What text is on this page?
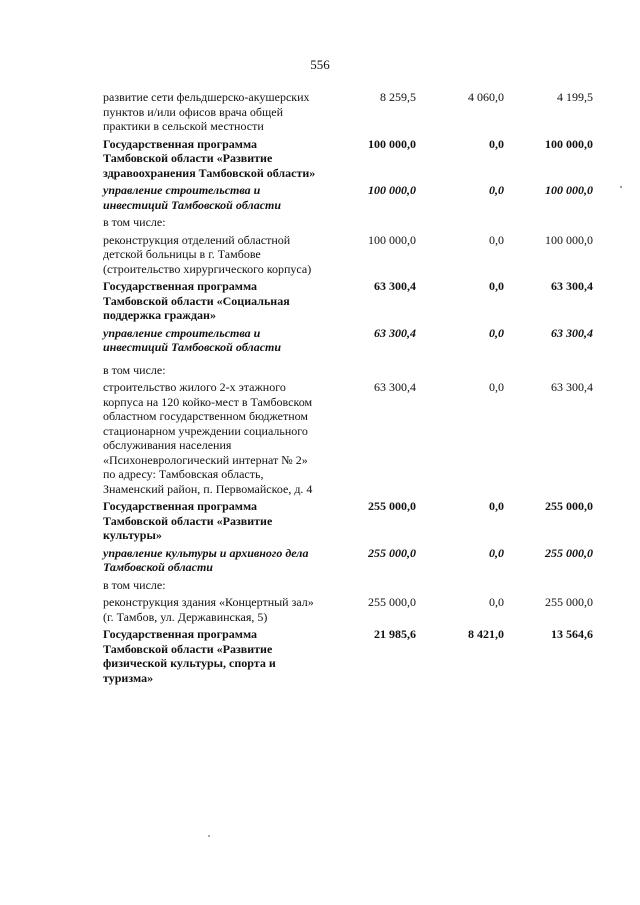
556
развитие сети фельдшерско-акушерских пунктов и/или офисов врача общей практики в сельской местности	8 259,5	4 060,0	4 199,5
Государственная программа Тамбовской области «Развитие здравоохранения Тамбовской области»	100 000,0	0,0	100 000,0
управление строительства и инвестиций Тамбовской области	100 000,0	0,0	100 000,0
в том числе:			
реконструкция отделений областной детской больницы в г. Тамбове (строительство хирургического корпуса)	100 000,0	0,0	100 000,0
Государственная программа Тамбовской области «Социальная поддержка граждан»	63 300,4	0,0	63 300,4
управление строительства и инвестиций Тамбовской области	63 300,4	0,0	63 300,4
в том числе:			
строительство жилого 2-х этажного корпуса на 120 койко-мест в Тамбовском областном государственном бюджетном стационарном учреждении социального обслуживания населения «Психоневрологический интернат № 2» по адресу: Тамбовская область, Знаменский район, п. Первомайское, д. 4	63 300,4	0,0	63 300,4
Государственная программа Тамбовской области «Развитие культуры»	255 000,0	0,0	255 000,0
управление культуры и архивного дела Тамбовской области	255 000,0	0,0	255 000,0
в том числе:			
реконструкция здания «Концертный зал» (г. Тамбов, ул. Державинская, 5)	255 000,0	0,0	255 000,0
Государственная программа Тамбовской области «Развитие физической культуры, спорта и туризма»	21 985,6	8 421,0	13 564,6
